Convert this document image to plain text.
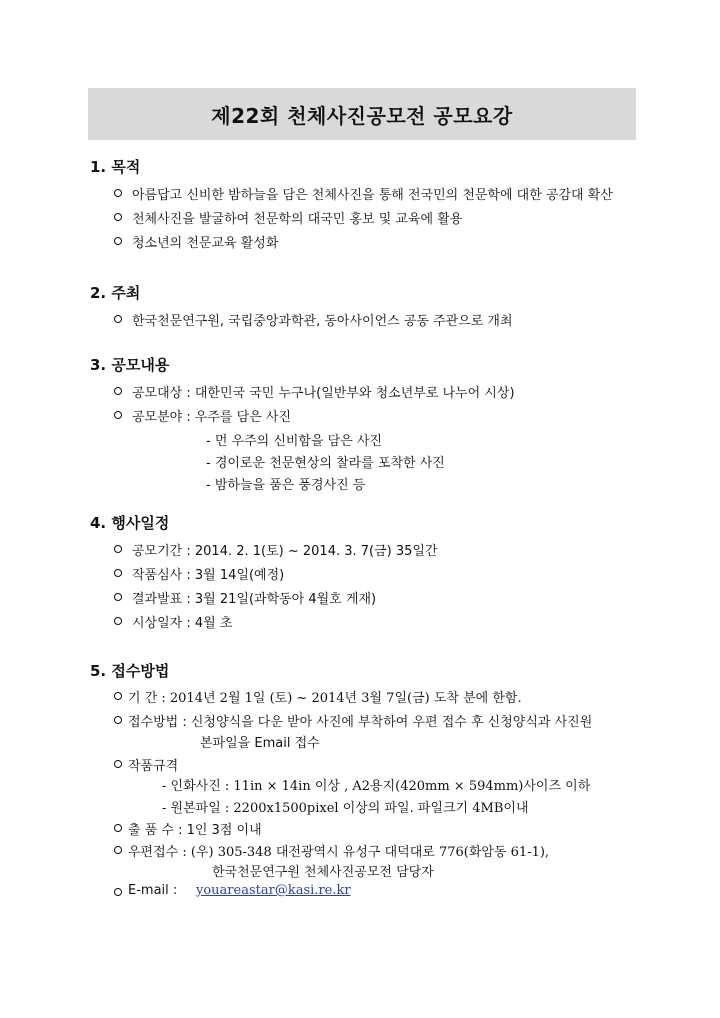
제22회 천체사진공모전 공모요강
1. 목적
아름답고 신비한 밤하늘을 담은 천체사진을 통해 전국민의 천문학에 대한 공감대 확산
천체사진을 발굴하여 천문학의 대국민 홍보 및 교육에 활용
청소년의 천문교육 활성화
2. 주최
한국천문연구원, 국립중앙과학관, 동아사이언스 공동 주관으로 개최
3. 공모내용
공모대상 : 대한민국 국민 누구나(일반부와 청소년부로 나누어 시상)
공모분야 : 우주를 담은 사진
- 먼 우주의 신비함을 담은 사진
- 경이로운 천문현상의 찰라를 포착한 사진
- 밤하늘을 품은 풍경사진 등
4. 행사일정
공모기간 : 2014. 2. 1(토) ~ 2014. 3. 7(금) 35일간
작품심사 : 3월 14일(예정)
결과발표 : 3월 21일(과학동아 4월호 게재)
시상일자 : 4월 초
5. 접수방법
기 간 : 2014년 2월 1일 (토) ~ 2014년 3월 7일(금) 도착 분에 한함.
접수방법 : 신청양식을 다운 받아 사진에 부착하여 우편 접수 후 신청양식과 사진원
본파일을 Email 접수
작품규격
- 인화사진 : 11in × 14in 이상 , A2용지(420mm × 594mm)사이즈 이하
- 원본파일 : 2200x1500pixel 이상의 파일. 파일크기 4MB이내
출 품 수 : 1인 3점 이내
우편접수 : (우) 305-348 대전광역시 유성구 대덕대로 776(화암동 61-1),
한국천문연구원 천체사진공모전 담당자
E-mail : youareastar@kasi.re.kr
